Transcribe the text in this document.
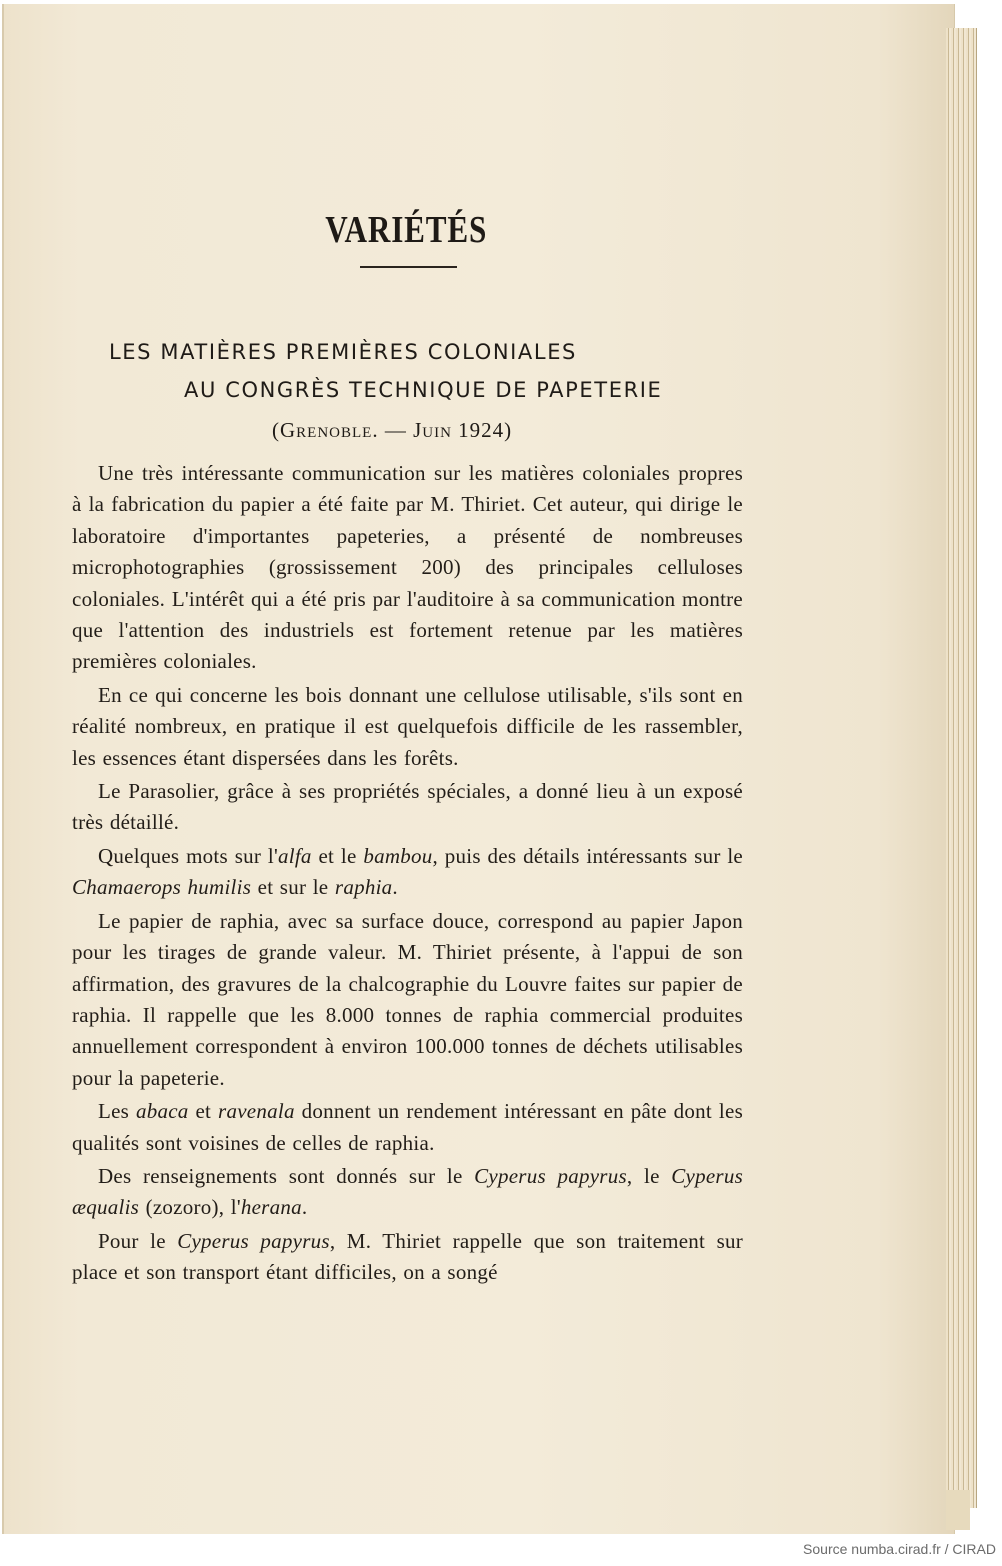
VARIÉTÉS
LES MATIÈRES PREMIÈRES COLONIALES
AU CONGRÈS TECHNIQUE DE PAPETERIE
(Grenoble. — Juin 1924)

Une très intéressante communication sur les matières coloniales propres à la fabrication du papier a été faite par M. Thiriet. Cet auteur, qui dirige le laboratoire d'importantes papeteries, a présenté de nombreuses microphotographies (grossissement 200) des principales celluloses coloniales. L'intérêt qui a été pris par l'auditoire à sa communication montre que l'attention des industriels est fortement retenue par les matières premières coloniales.

En ce qui concerne les bois donnant une cellulose utilisable, s'ils sont en réalité nombreux, en pratique il est quelquefois difficile de les rassembler, les essences étant dispersées dans les forêts.

Le Parasolier, grâce à ses propriétés spéciales, a donné lieu à un exposé très détaillé.

Quelques mots sur l'alfa et le bambou, puis des détails intéressants sur le Chamaerops humilis et sur le raphia.

Le papier de raphia, avec sa surface douce, correspond au papier Japon pour les tirages de grande valeur. M. Thiriet présente, à l'appui de son affirmation, des gravures de la chalcographie du Louvre faites sur papier de raphia. Il rappelle que les 8.000 tonnes de raphia commercial produites annuellement correspondent à environ 100.000 tonnes de déchets utilisables pour la papeterie.

Les abaca et ravenala donnent un rendement intéressant en pâte dont les qualités sont voisines de celles de raphia.

Des renseignements sont donnés sur le Cyperus papyrus, le Cyperus æqualis (zozoro), l'herana.

Pour le Cyperus papyrus, M. Thiriet rappelle que son traitement sur place et son transport étant difficiles, on a songé

Source numba.cirad.fr / CIRAD
